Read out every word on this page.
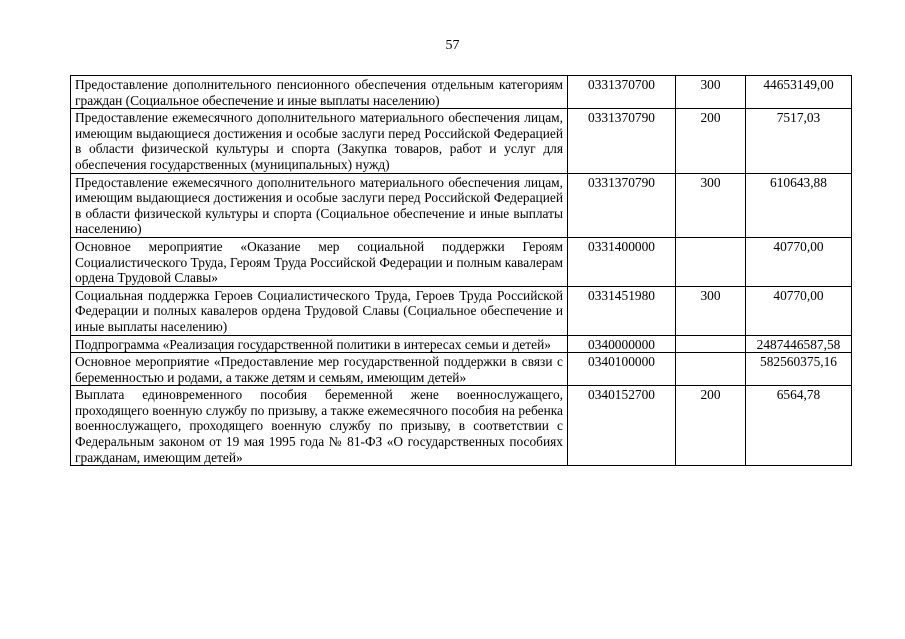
57
Предоставление дополнительного пенсионного обеспечения отдельным категориям граждан (Социальное обеспечение и иные выплаты населению)	0331370700	300	44653149,00
Предоставление ежемесячного дополнительного материального обеспечения лицам, имеющим выдающиеся достижения и особые заслуги перед Российской Федерацией в области физической культуры и спорта (Закупка товаров, работ и услуг для обеспечения государственных (муниципальных) нужд)	0331370790	200	7517,03
Предоставление ежемесячного дополнительного материального обеспечения лицам, имеющим выдающиеся достижения и особые заслуги перед Российской Федерацией в области физической культуры и спорта (Социальное обеспечение и иные выплаты населению)	0331370790	300	610643,88
Основное мероприятие «Оказание мер социальной поддержки Героям Социалистического Труда, Героям Труда Российской Федерации и полным кавалерам ордена Трудовой Славы»	0331400000		40770,00
Социальная поддержка Героев Социалистического Труда, Героев Труда Российской Федерации и полных кавалеров ордена Трудовой Славы (Социальное обеспечение и иные выплаты населению)	0331451980	300	40770,00
Подпрограмма «Реализация государственной политики в интересах семьи и детей»	0340000000		2487446587,58
Основное мероприятие «Предоставление мер государственной поддержки в связи с беременностью и родами, а также детям и семьям, имеющим детей»	0340100000		582560375,16
Выплата единовременного пособия беременной жене военнослужащего, проходящего военную службу по призыву, а также ежемесячного пособия на ребенка военнослужащего, проходящего военную службу по призыву, в соответствии с Федеральным законом от 19 мая 1995 года № 81-ФЗ «О государственных пособиях гражданам, имеющим детей»	0340152700	200	6564,78
